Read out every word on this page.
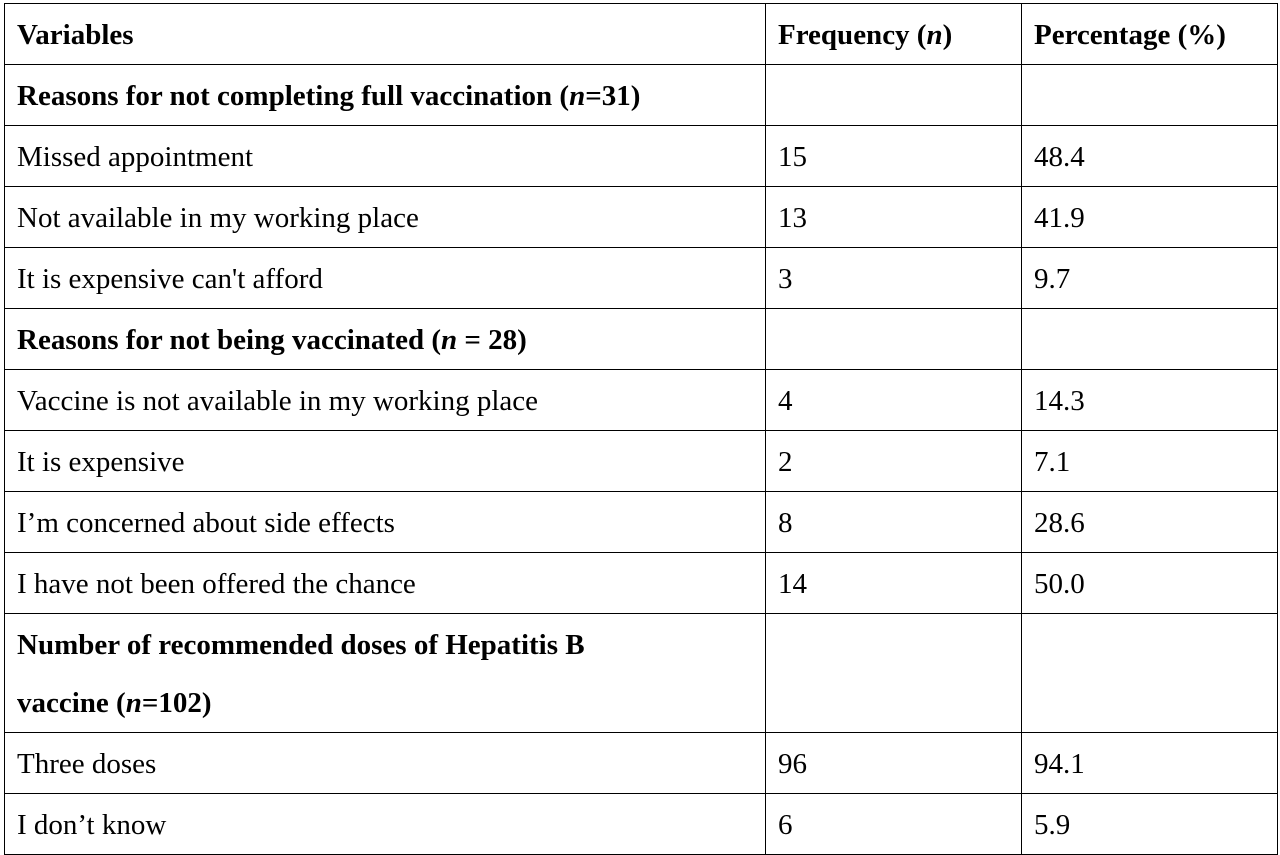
Variables	Frequency (n)	Percentage (%)

Reasons for not completing full vaccination (n=31)		

Missed appointment	15	48.4

Not available in my working place	13	41.9

It is expensive can't afford	3	9.7

Reasons for not being vaccinated (n = 28)		

Vaccine is not available in my working place	4	14.3

It is expensive	2	7.1

I’m concerned about side effects	8	28.6

I have not been offered the chance	14	50.0

Number of recommended doses of Hepatitis B
vaccine (n=102)		

Three doses	96	94.1

I don’t know	6	5.9
